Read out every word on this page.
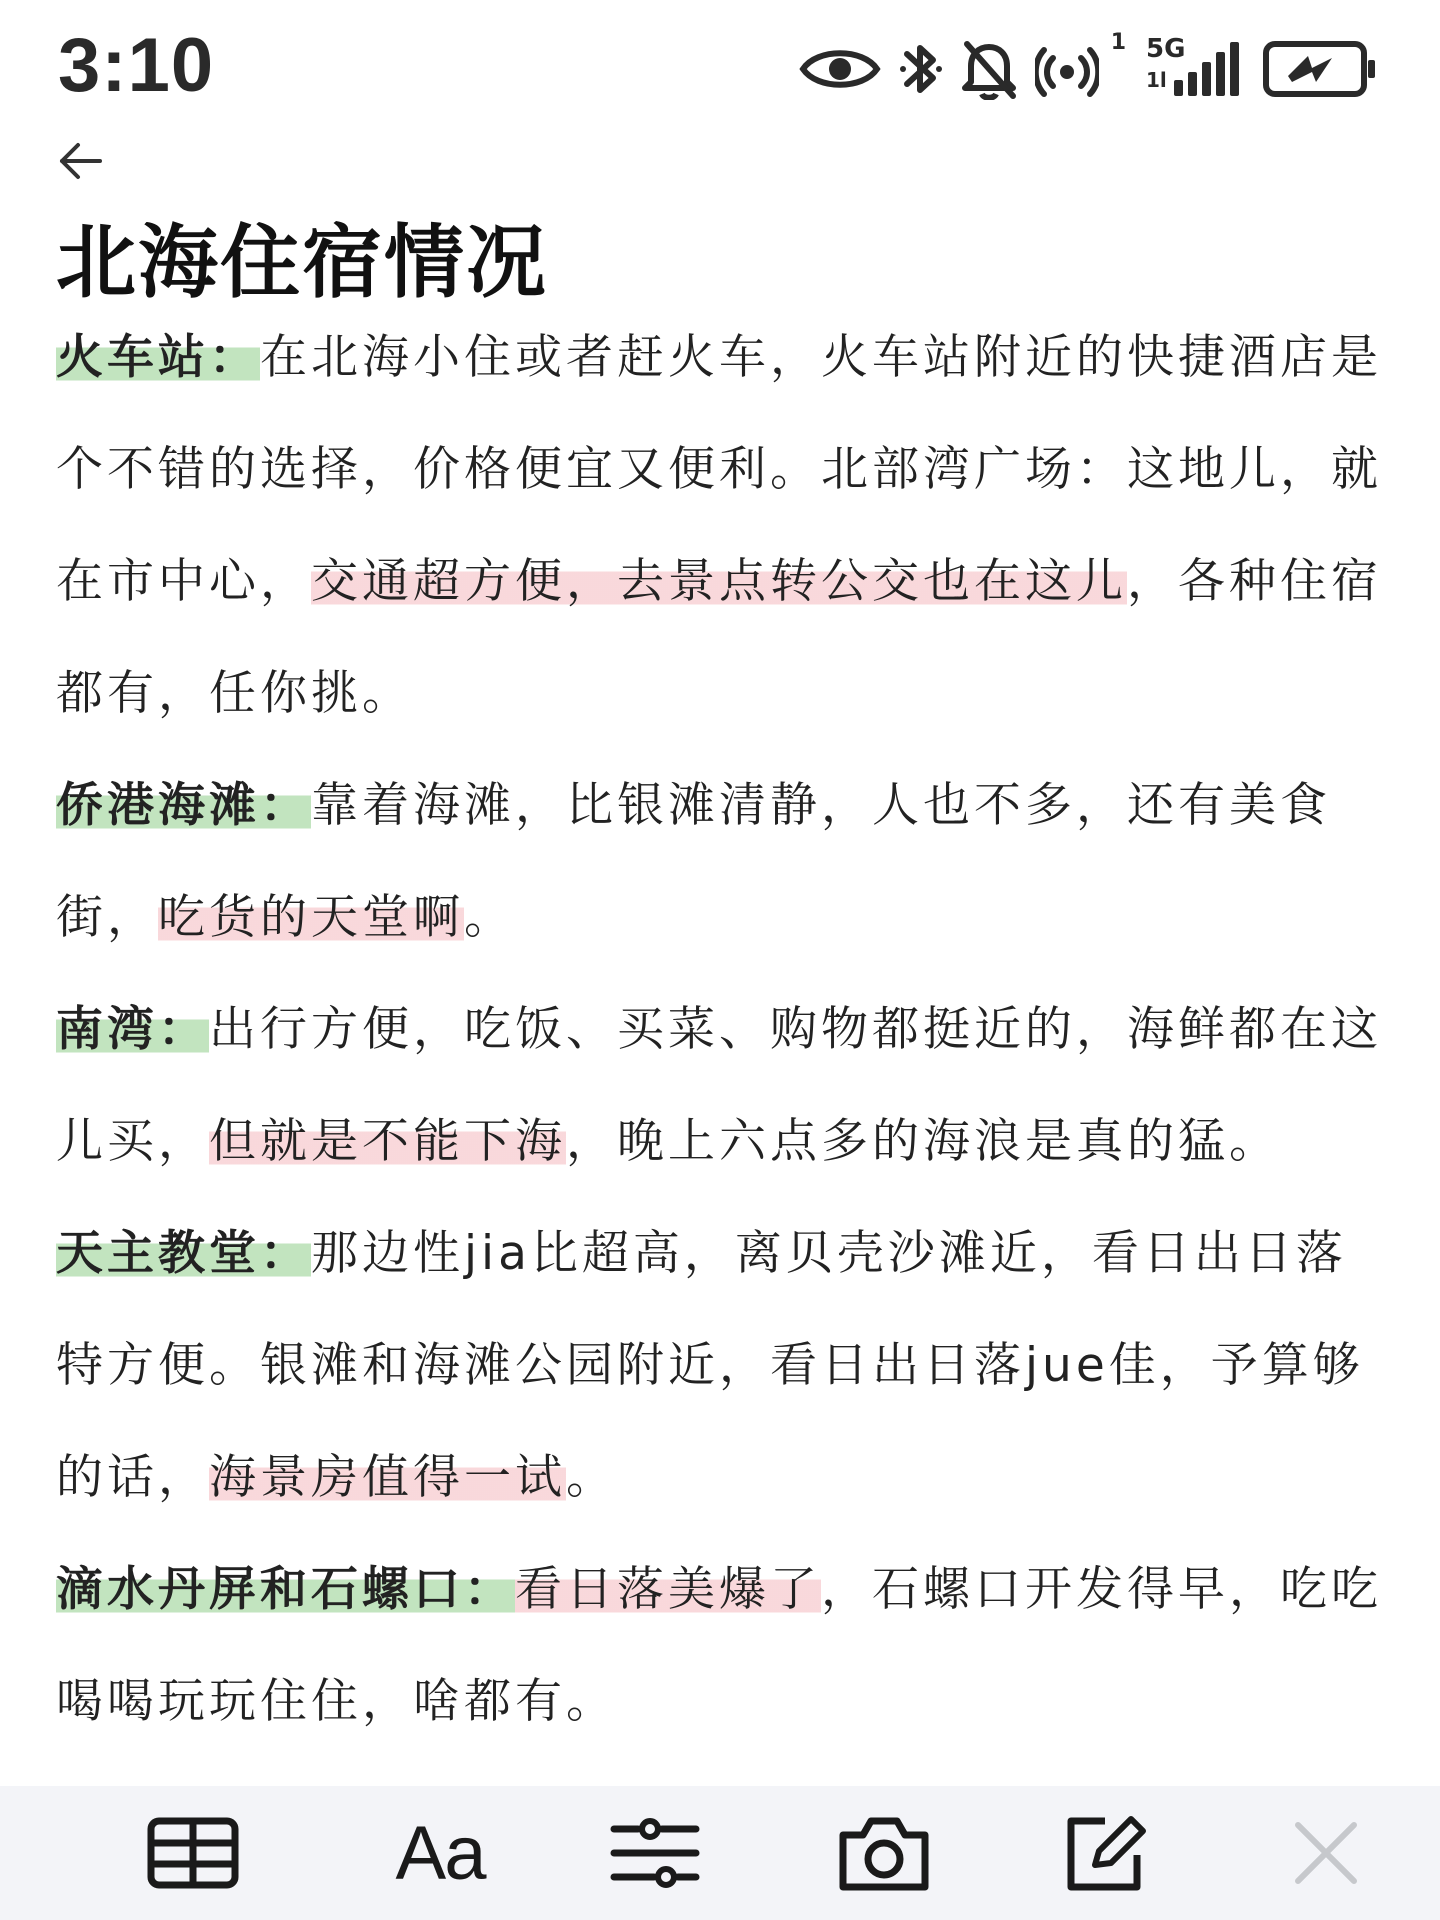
3:10	1 5G
1l
北海住宿情况

火车站：在北海小住或者赶火车，火车站附近的快捷酒店是个不错的选择，价格便宜又便利。北部湾广场：这地儿，就在市中心，交通超方便，去景点转公交也在这儿，各种住宿都有，任你挑。

侨港海滩：靠着海滩，比银滩清静，人也不多，还有美食街，吃货的天堂啊。

南湾：出行方便，吃饭、买菜、购物都挺近的，海鲜都在这儿买，但就是不能下海，晚上六点多的海浪是真的猛。

天主教堂：那边性jia比超高，离贝壳沙滩近，看日出日落特方便。银滩和海滩公园附近，看日出日落jue佳，予算够的话，海景房值得一试。

滴水丹屏和石螺口：看日落美爆了，石螺口开发得早，吃吃喝喝玩玩住住，啥都有。

Aa
